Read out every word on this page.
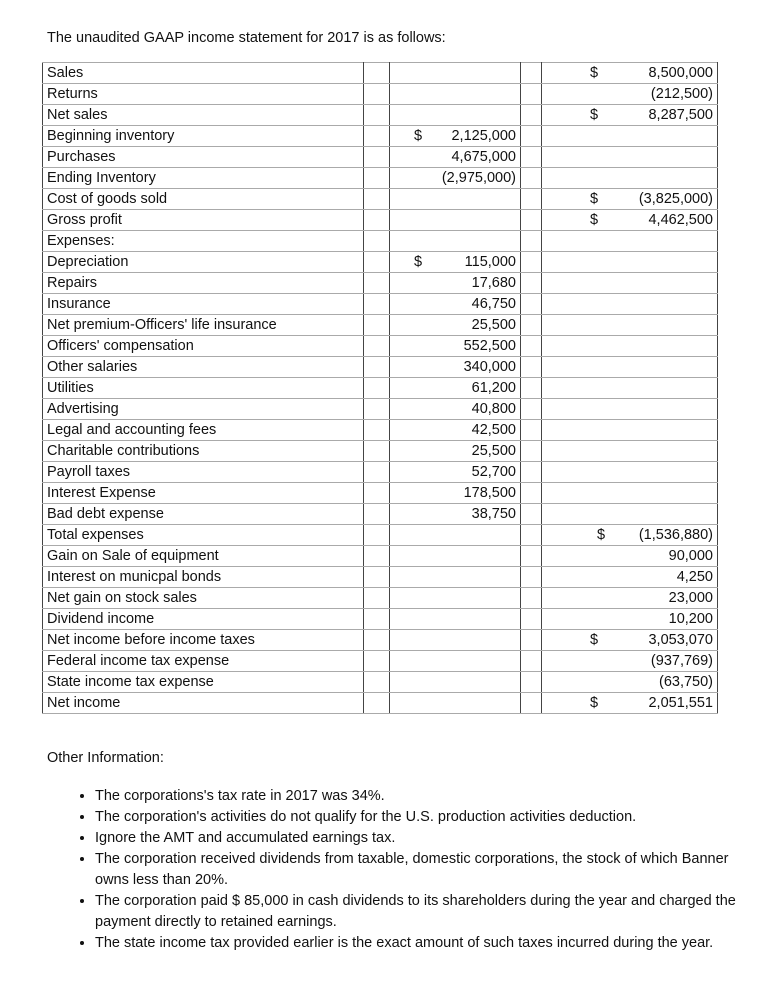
The unaudited GAAP income statement for 2017 is as follows:
Sales				$ 8,500,000
Returns				(212,500)
Net sales				$ 8,287,500
Beginning inventory		$ 2,125,000		
Purchases		4,675,000		
Ending Inventory		(2,975,000)		
Cost of goods sold				$ (3,825,000)
Gross profit				$ 4,462,500
Expenses:				
Depreciation		$ 115,000		
Repairs		17,680		
Insurance		46,750		
Net premium-Officers' life insurance		25,500		
Officers' compensation		552,500		
Other salaries		340,000		
Utilities		61,200		
Advertising		40,800		
Legal and accounting fees		42,500		
Charitable contributions		25,500		
Payroll taxes		52,700		
Interest Expense		178,500		
Bad debt expense		38,750		
Total expenses				$ (1,536,880)
Gain on Sale of equipment				90,000
Interest on municpal bonds				4,250
Net gain on stock sales				23,000
Dividend income				10,200
Net income before income taxes				$ 3,053,070
Federal income tax expense				(937,769)
State income tax expense				(63,750)
Net income				$ 2,051,551
Other Information:
• The corporations's tax rate in 2017 was 34%.
• The corporation's activities do not qualify for the U.S. production activities deduction.
• Ignore the AMT and accumulated earnings tax.
• The corporation received dividends from taxable, domestic corporations, the stock of which Banner owns less than 20%.
• The corporation paid $ 85,000 in cash dividends to its shareholders during the year and charged the payment directly to retained earnings.
• The state income tax provided earlier is the exact amount of such taxes incurred during the year.
